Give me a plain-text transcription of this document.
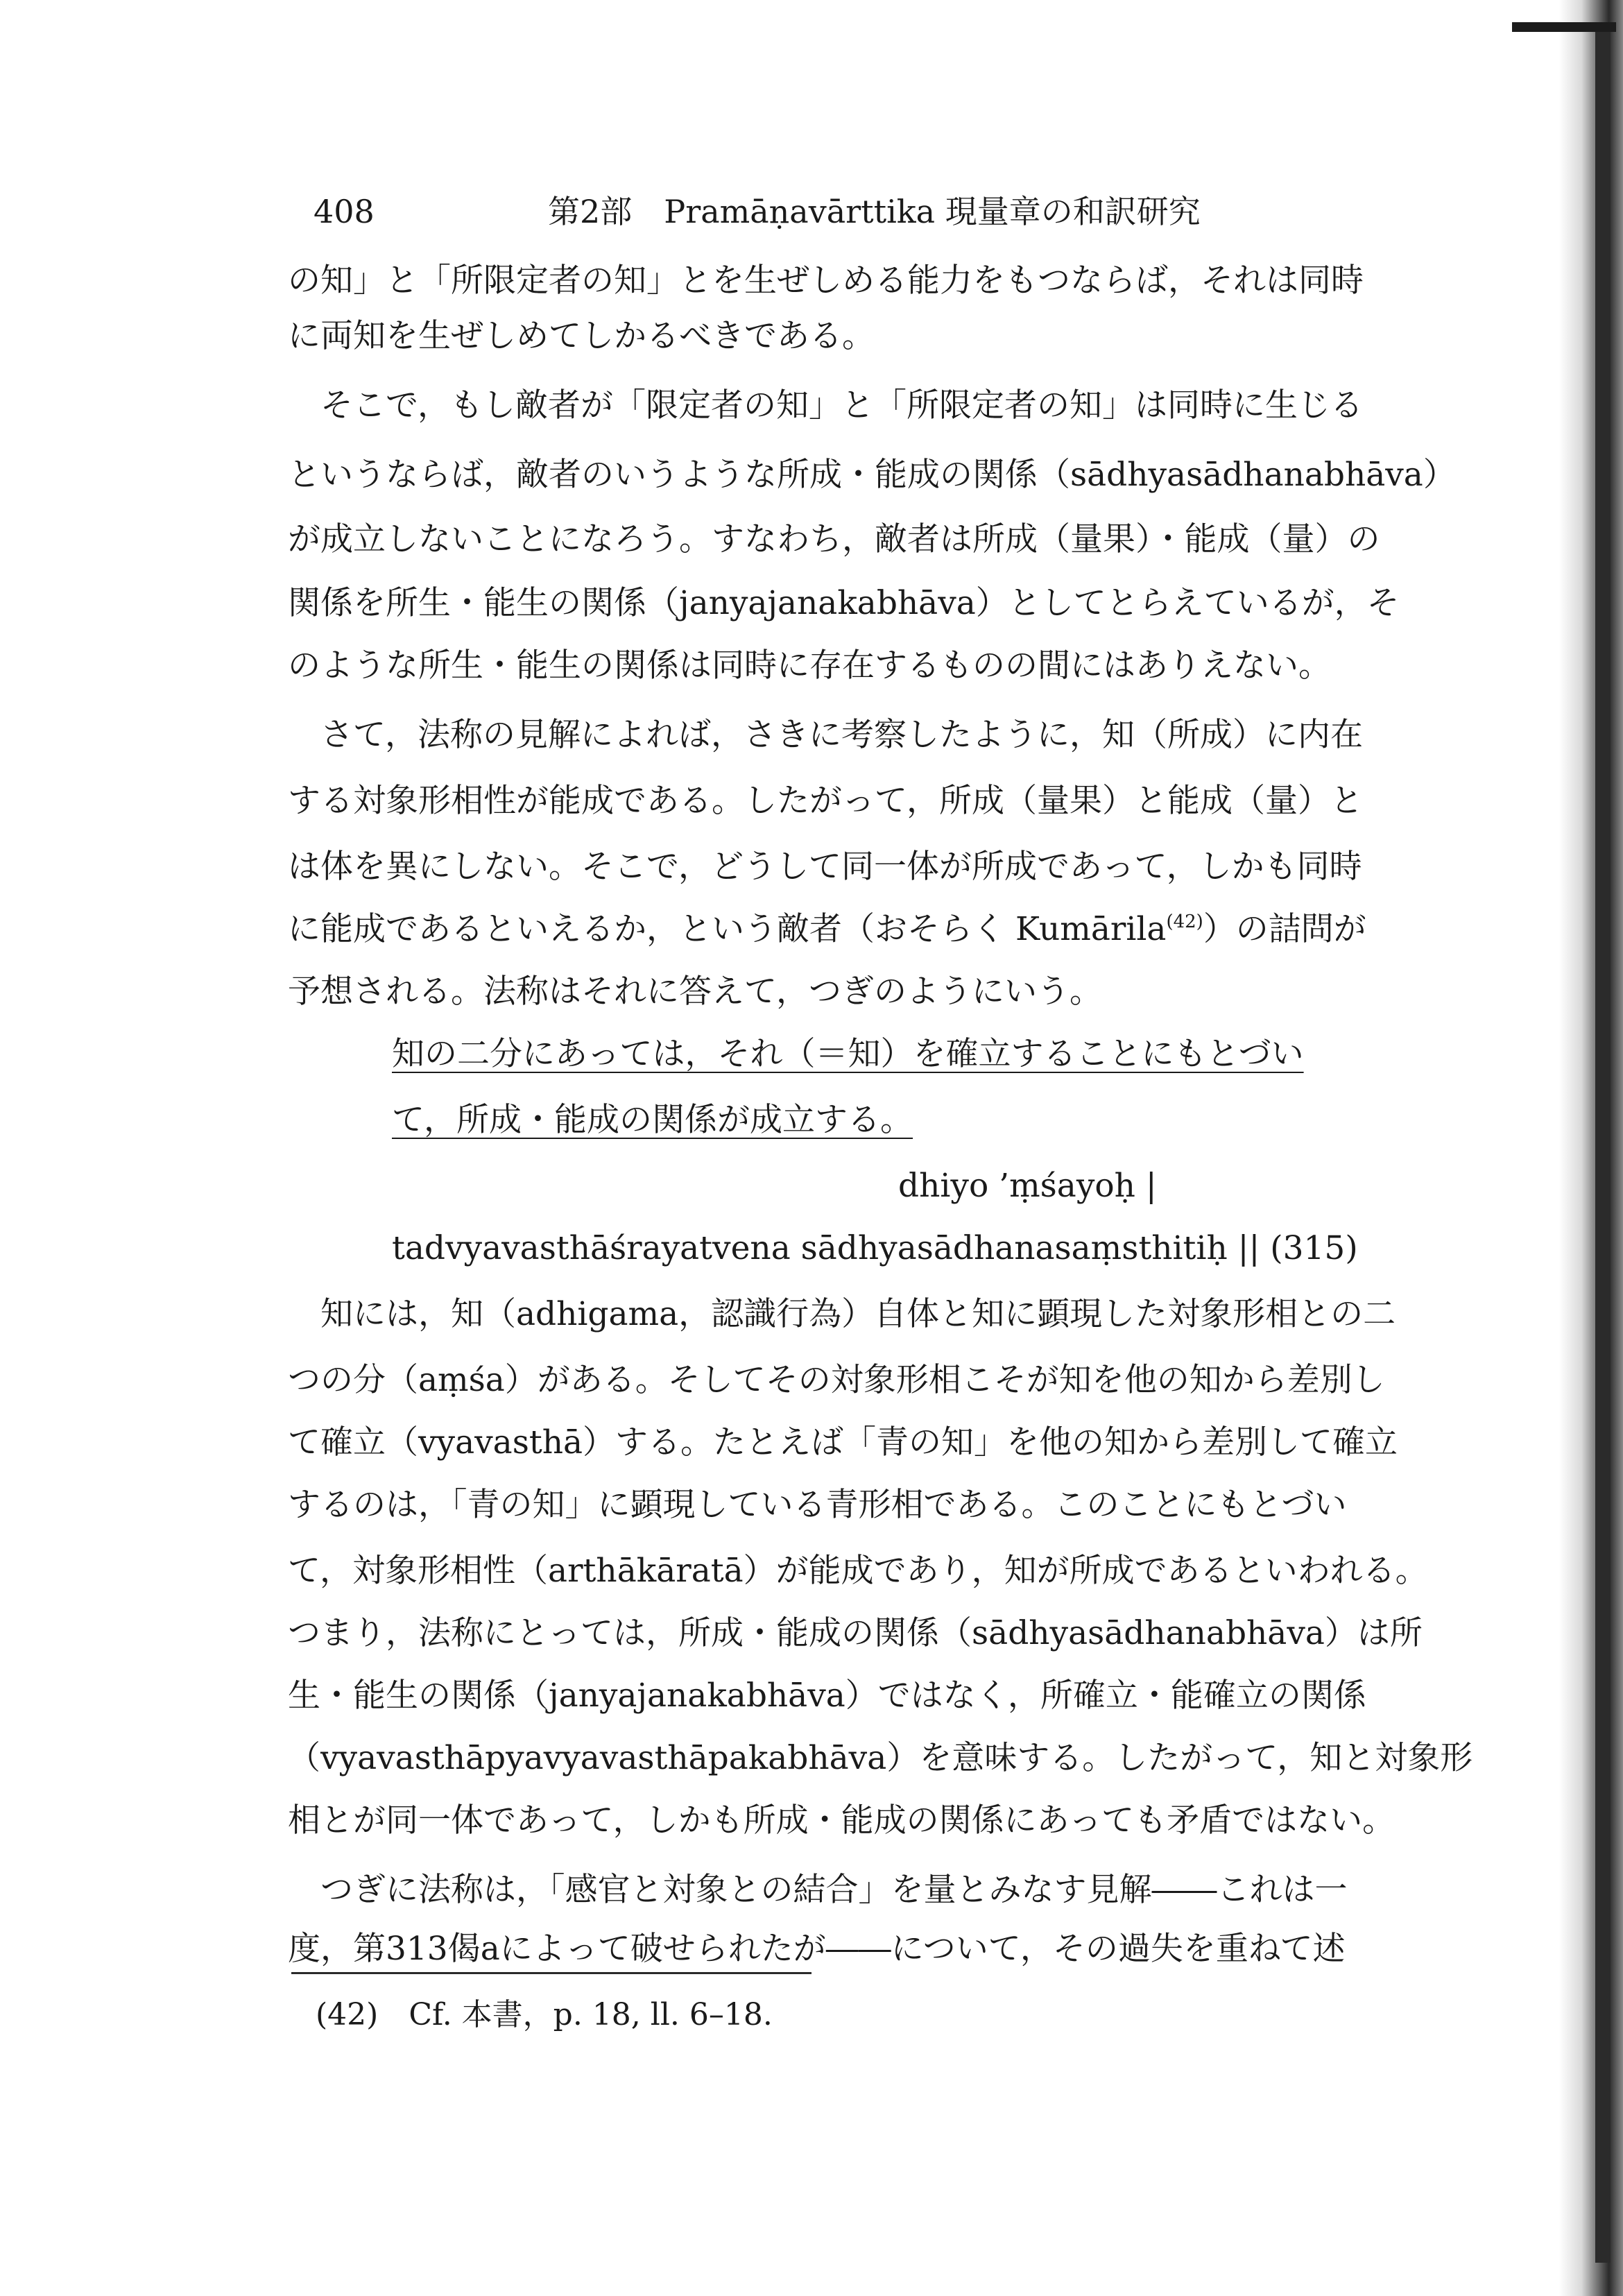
408	第2部　Pramāṇavārttika 現量章の和訳研究
の知」と「所限定者の知」とを生ぜしめる能力をもつならば，それは同時
に両知を生ぜしめてしかるべきである。
　そこで，もし敵者が「限定者の知」と「所限定者の知」は同時に生じる
というならば，敵者のいうような所成・能成の関係（sādhyasādhanabhāva）
が成立しないことになろう。すなわち，敵者は所成（量果）・能成（量）の
関係を所生・能生の関係（janyajanakabhāva）としてとらえているが，そ
のような所生・能生の関係は同時に存在するものの間にはありえない。
　さて，法称の見解によれば，さきに考察したように，知（所成）に内在
する対象形相性が能成である。したがって，所成（量果）と能成（量）と
は体を異にしない。そこで，どうして同一体が所成であって，しかも同時
に能成であるといえるか，という敵者（おそらく Kumārila$^{(42)}$）の詰問が
予想される。法称はそれに答えて，つぎのようにいう。
知の二分にあっては，それ（＝知）を確立することにもとづい
て，所成・能成の関係が成立する。
dhiyo ’ṃśayoḥ |
tadvyavasthāśrayatvena sādhyasādhanasaṃsthitiḥ || (315)
　知には，知（adhigama，認識行為）自体と知に顕現した対象形相との二
つの分（aṃśa）がある。そしてその対象形相こそが知を他の知から差別し
て確立（vyavasthā）する。たとえば「青の知」を他の知から差別して確立
するのは，「青の知」に顕現している青形相である。このことにもとづい
て，対象形相性（arthākāratā）が能成であり，知が所成であるといわれる。
つまり，法称にとっては，所成・能成の関係（sādhyasādhanabhāva）は所
生・能生の関係（janyajanakabhāva）ではなく，所確立・能確立の関係
（vyavasthāpyavyavasthāpakabhāva）を意味する。したがって，知と対象形
相とが同一体であって，しかも所成・能成の関係にあっても矛盾ではない。
　つぎに法称は，「感官と対象との結合」を量とみなす見解――これは一
度，第313偈aによって破せられたが――について，その過失を重ねて述
(42)　Cf. 本書，p. 18, ll. 6–18.
